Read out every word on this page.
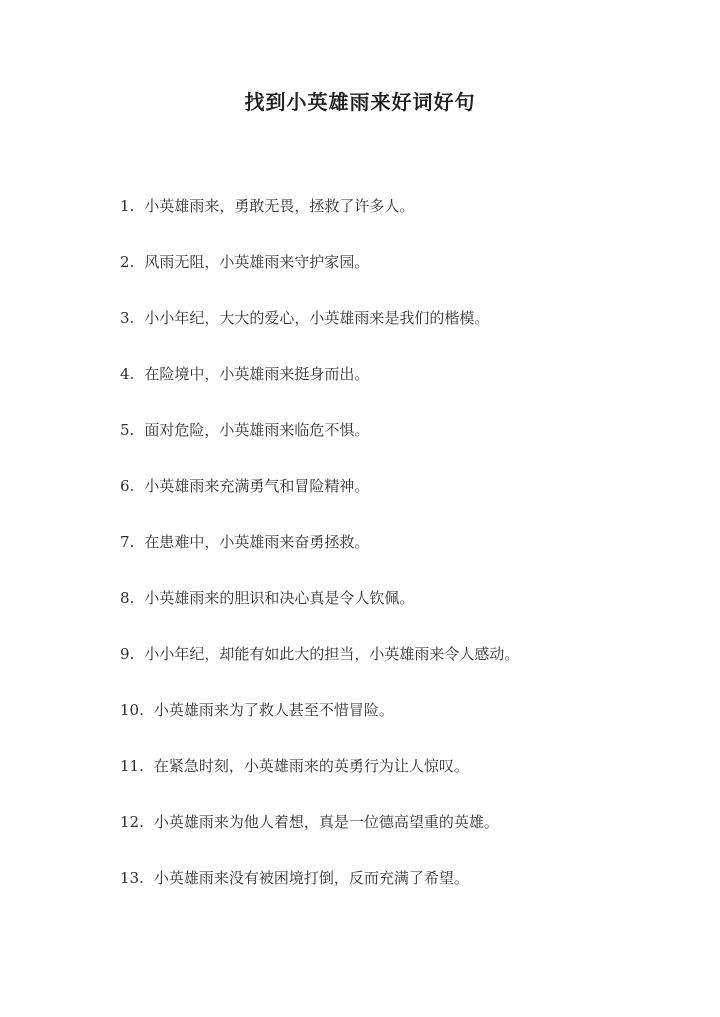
找到小英雄雨来好词好句
1. 小英雄雨来，勇敢无畏，拯救了许多人。
2. 风雨无阻，小英雄雨来守护家园。
3. 小小年纪，大大的爱心，小英雄雨来是我们的楷模。
4. 在险境中，小英雄雨来挺身而出。
5. 面对危险，小英雄雨来临危不惧。
6. 小英雄雨来充满勇气和冒险精神。
7. 在患难中，小英雄雨来奋勇拯救。
8. 小英雄雨来的胆识和决心真是令人钦佩。
9. 小小年纪，却能有如此大的担当，小英雄雨来令人感动。
10. 小英雄雨来为了救人甚至不惜冒险。
11. 在紧急时刻，小英雄雨来的英勇行为让人惊叹。
12. 小英雄雨来为他人着想，真是一位德高望重的英雄。
13. 小英雄雨来没有被困境打倒，反而充满了希望。
